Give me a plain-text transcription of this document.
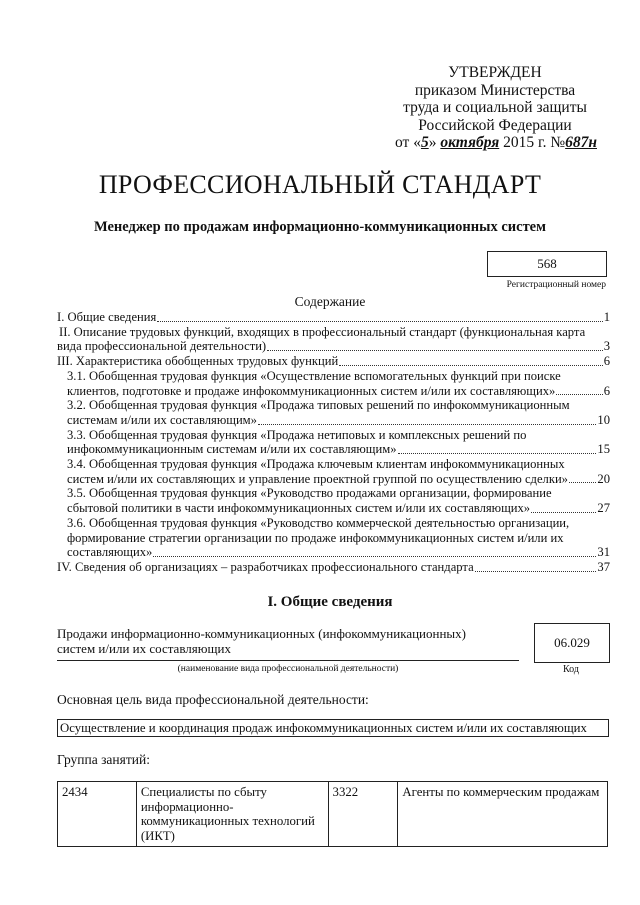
УТВЕРЖДЕН
приказом Министерства
труда и социальной защиты
Российской Федерации
от «5» октября 2015 г. №687н
ПРОФЕССИОНАЛЬНЫЙ СТАНДАРТ
Менеджер по продажам информационно-коммуникационных систем
568
Регистрационный номер
Содержание
I. Общие сведения	1
II. Описание трудовых функций, входящих в профессиональный стандарт (функциональная карта
вида профессиональной деятельности)	3
III. Характеристика обобщенных трудовых функций	6
3.1. Обобщенная трудовая функция «Осуществление вспомогательных функций при поиске
клиентов, подготовке и продаже инфокоммуникационных систем и/или их составляющих»	6
3.2. Обобщенная трудовая функция «Продажа типовых решений по инфокоммуникационным
системам и/или их составляющим»	10
3.3. Обобщенная трудовая функция «Продажа нетиповых и комплексных решений по
инфокоммуникационным системам и/или их составляющим»	15
3.4. Обобщенная трудовая функция «Продажа ключевым клиентам инфокоммуникационных
систем и/или их составляющих и управление проектной группой по осуществлению сделки» 20
3.5. Обобщенная трудовая функция «Руководство продажами организации, формирование
сбытовой политики в части инфокоммуникационных систем и/или их составляющих»	27
3.6. Обобщенная трудовая функция «Руководство коммерческой деятельностью организации,
формирование стратегии организации по продаже инфокоммуникационных систем и/или их
составляющих»	31
IV. Сведения об организациях – разработчиках профессионального стандарта	37
I. Общие сведения
Продажи информационно-коммуникационных (инфокоммуникационных)
систем и/или их составляющих
(наименование вида профессиональной деятельности)
06.029
Код
Основная цель вида профессиональной деятельности:
Осуществление и координация продаж инфокоммуникационных систем и/или их составляющих
Группа занятий:
2434	Специалисты по сбыту информационно-коммуникационных технологий (ИКТ)	3322	Агенты по коммерческим продажам
